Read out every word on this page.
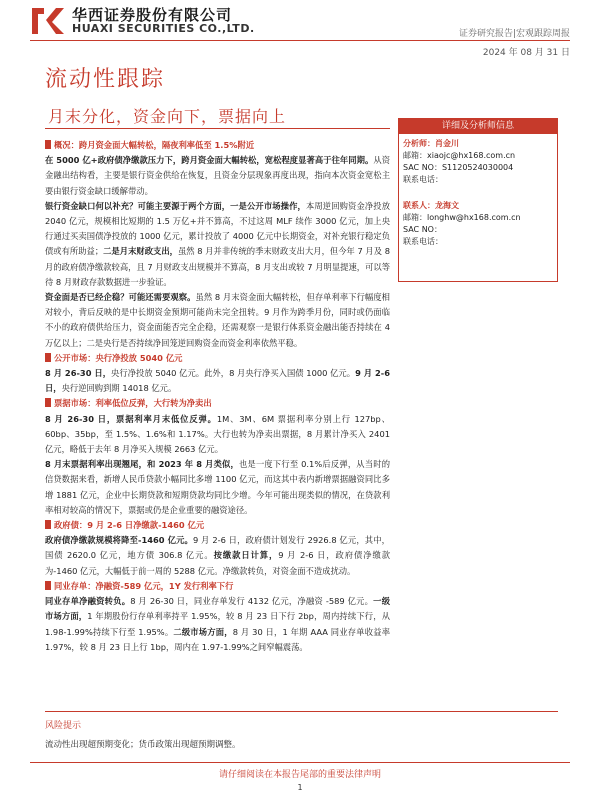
华西证券股份有限公司
HUAXI SECURITIES CO.,LTD.	证券研究报告|宏观跟踪周报
2024 年 08 月 31 日
流动性跟踪
月末分化，资金向下，票据向上
概况：跨月资金面大幅转松，隔夜利率低至 1.5%附近

在 5000 亿+政府债净缴款压力下，跨月资金面大幅转松，宽松程度显著高于往年同期。从资金融出结构看，主要是银行资金供给在恢复，且资金分层现象再度出现，指向本次资金宽松主要由银行资金缺口缓解带动。

银行资金缺口何以补充？可能主要源于两个方面，一是公开市场操作，本周逆回购资金净投放 2040 亿元，规模相比短期的 1.5 万亿+并不算高，不过这周 MLF 续作 3000 亿元，加上央行通过买卖国债净投放的 1000 亿元，累计投放了 4000 亿元中长期资金，对补充银行稳定负债或有所助益；二是月末财政支出，虽然 8 月并非传统的季末财政支出大月，但今年 7 月及 8 月的政府债净缴款较高，且 7 月财政支出规模并不算高，8 月支出或较 7 月明显提速，可以等待 8 月财政存款数据进一步验证。

资金面是否已经企稳？可能还需要观察。虽然 8 月末资金面大幅转松，但存单利率下行幅度相对较小，背后反映的是中长期资金预期可能尚未完全扭转。9 月作为跨季月份，同时或仍面临不小的政府债供给压力，资金面能否完全企稳，还需观察一是银行体系资金融出能否持续在 4 万亿以上；二是央行是否持续净回笼逆回购资金而资金利率依然平稳。

公开市场：央行净投放 5040 亿元

8 月 26-30 日，央行净投放 5040 亿元。此外，8 月央行净买入国债 1000 亿元。9 月 2-6 日，央行逆回购到期 14018 亿元。

票据市场：利率低位反弹，大行转为净卖出

8 月 26-30 日，票据利率月末低位反弹。1M、3M、6M 票据利率分别上行 127bp、60bp、35bp，至 1.5%、1.6%和 1.17%。大行也转为净卖出票据，8 月累计净买入 2401 亿元，略低于去年 8 月净买入规模 2663 亿元。

8 月末票据利率出现翘尾，和 2023 年 8 月类似，也是一度下行至 0.1%后反弹，从当时的信贷数据来看，新增人民币贷款小幅同比多增 1100 亿元，而这其中表内新增票据融资同比多增 1881 亿元，企业中长期贷款和短期贷款均同比少增。今年可能出现类似的情况，在贷款利率相对较高的情况下，票据或仍是企业重要的融资途径。

政府债：9 月 2-6 日净缴款-1460 亿元

政府债净缴款规模将降至-1460 亿元。9 月 2-6 日，政府债计划发行 2926.8 亿元，其中，国债 2620.0 亿元，地方债 306.8 亿元。按缴款日计算，9 月 2-6 日，政府债净缴款为-1460 亿元，大幅低于前一周的 5288 亿元。净缴款转负，对资金面不造成扰动。

同业存单：净融资-589 亿元，1Y 发行利率下行

同业存单净融资转负。8 月 26-30 日，同业存单发行 4132 亿元，净融资 -589 亿元。一级市场方面，1 年期股份行存单利率持平 1.95%，较 8 月 23 日下行 2bp，周内持续下行，从 1.98-1.99%持续下行至 1.95%。二级市场方面，8 月 30 日，1 年期 AAA 同业存单收益率 1.97%，较 8 月 23 日上行 1bp，周内在 1.97-1.99%之间窄幅震荡。

详细及分析师信息
分析师：肖金川
邮箱：xiaojc@hx168.com.cn
SAC NO：S1120524030004
联系电话：
联系人：龙海文
邮箱：longhw@hx168.com.cn
SAC NO：
联系电话：
风险提示
流动性出现超预期变化；货币政策出现超预期调整。
请仔细阅读在本报告尾部的重要法律声明
1
